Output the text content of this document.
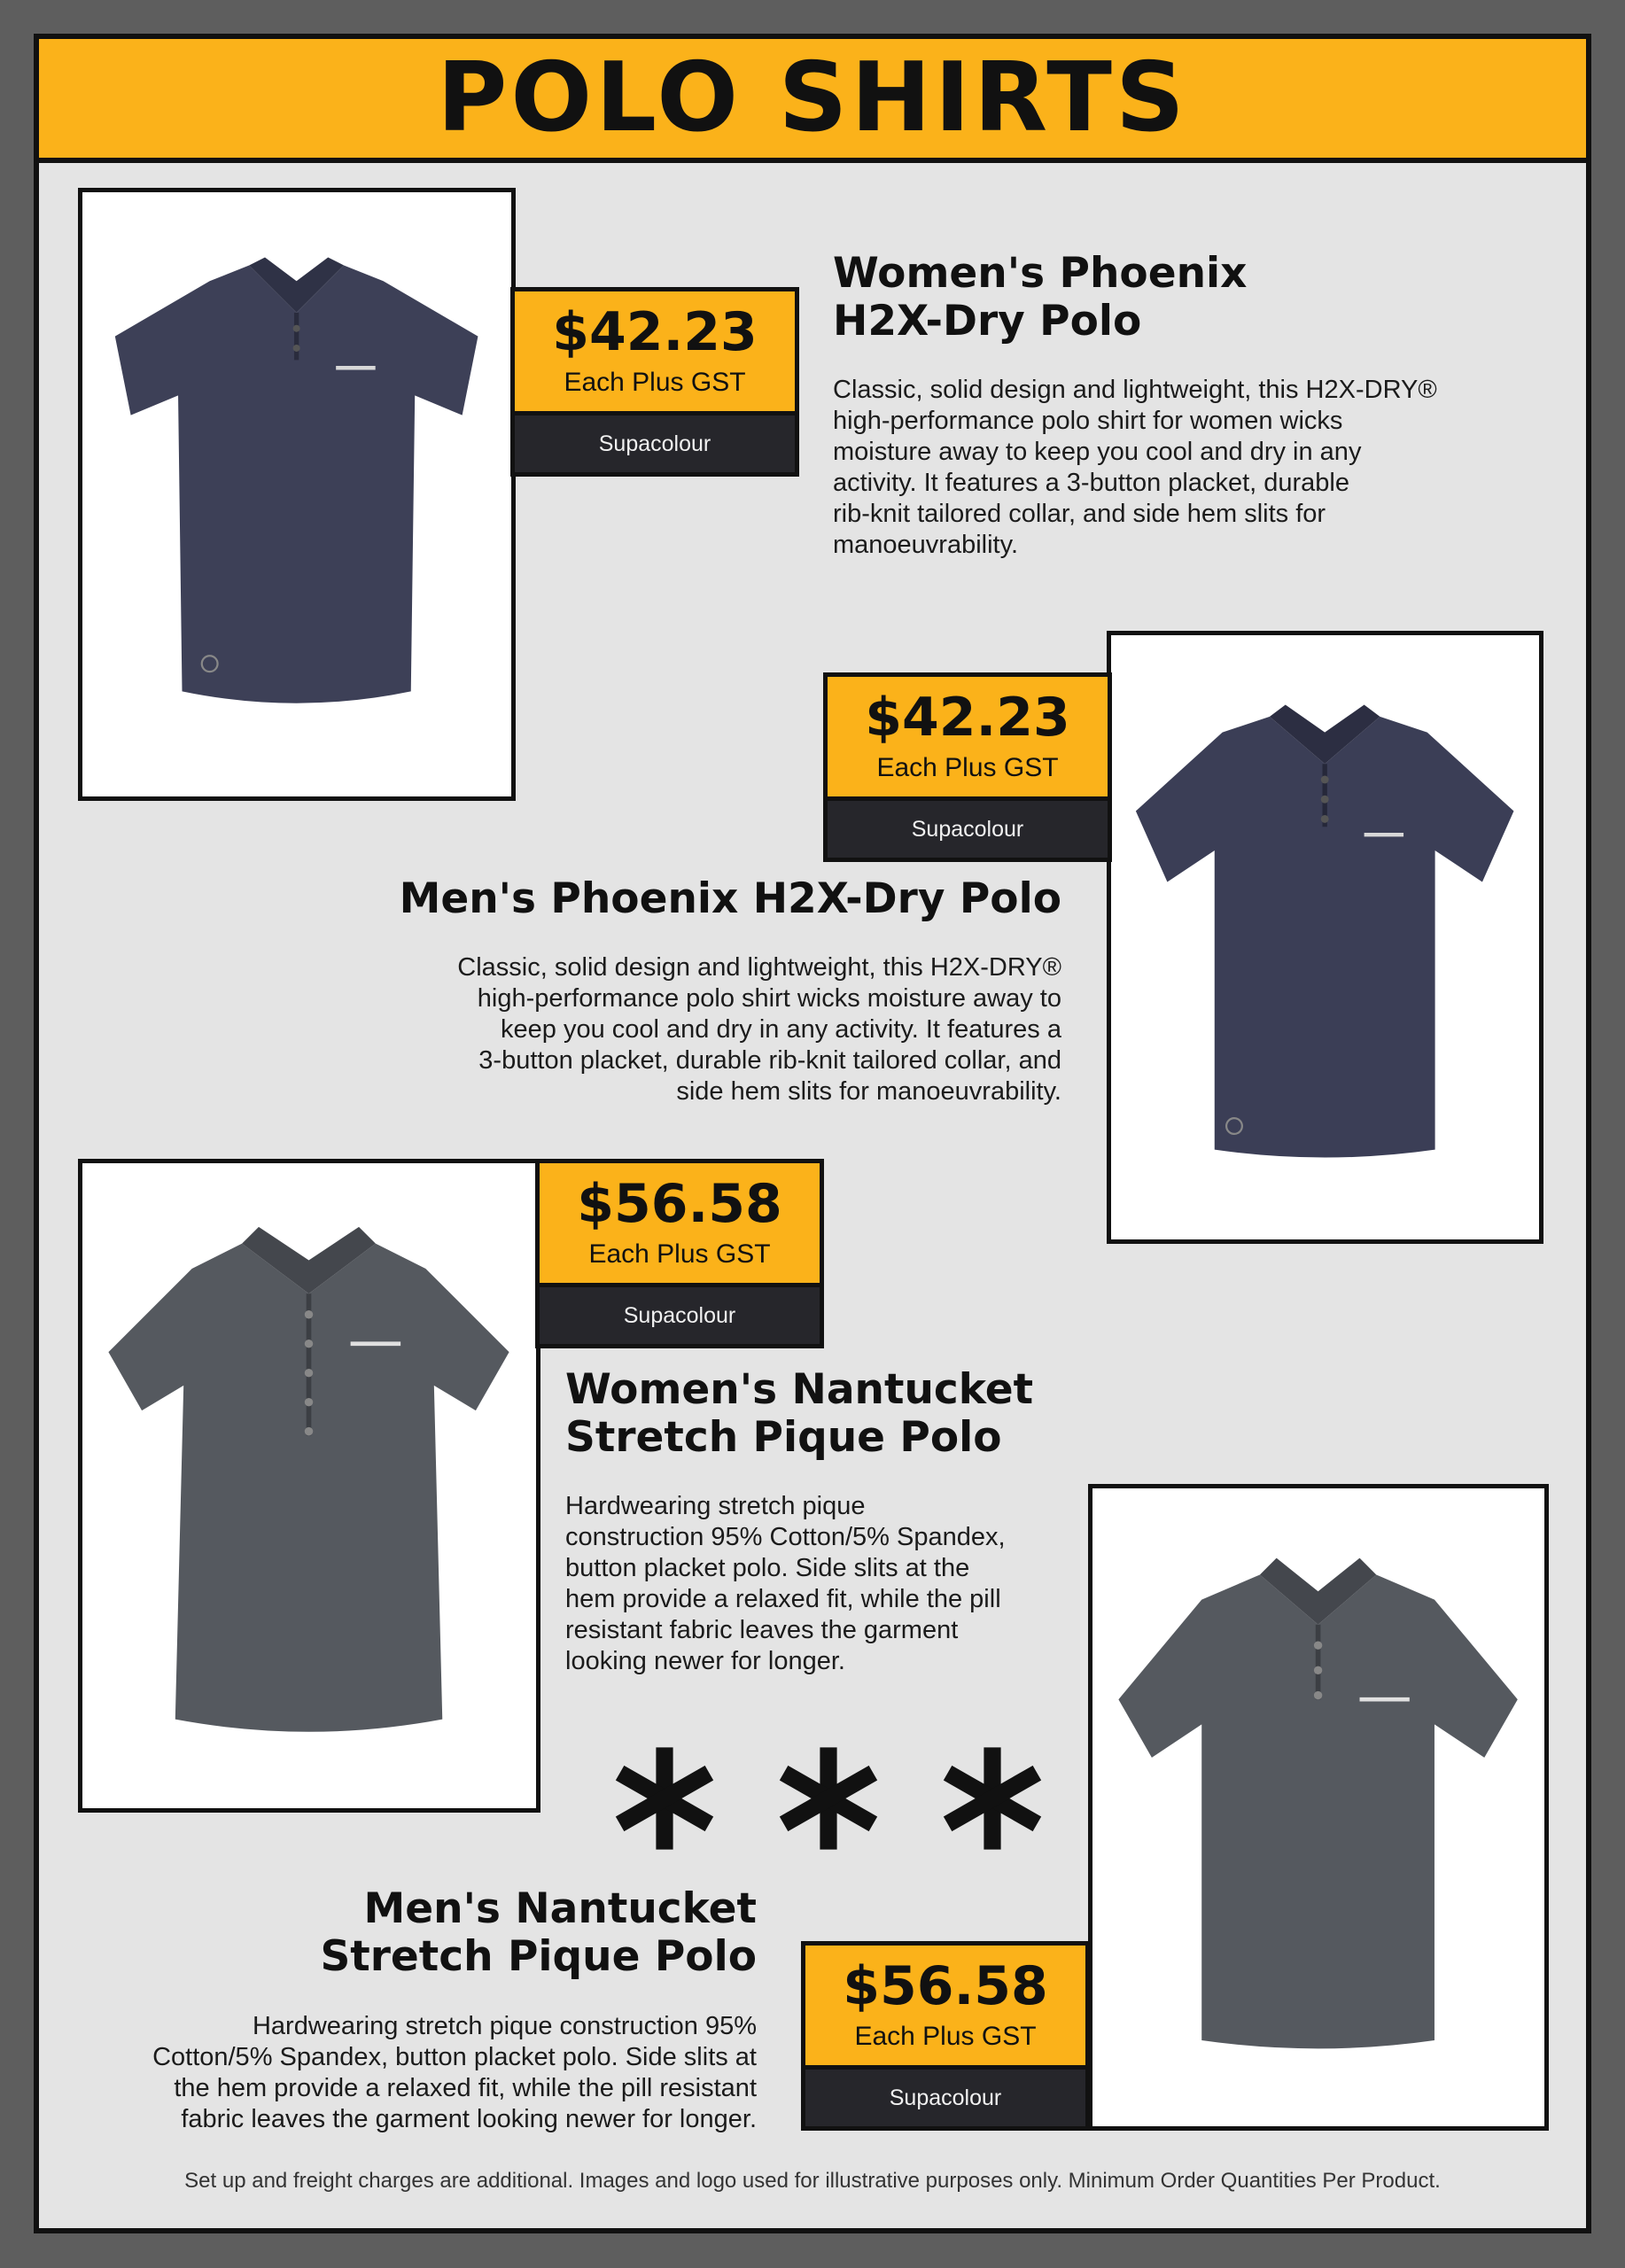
POLO SHIRTS
$42.23
Each Plus GST
Supacolour
Women's Phoenix
H2X-Dry Polo
Classic, solid design and lightweight, this H2X-DRY®
high-performance polo shirt for women wicks
moisture away to keep you cool and dry in any
activity. It features a 3-button placket, durable
rib-knit tailored collar, and side hem slits for
manoeuvrability.
$42.23
Each Plus GST
Supacolour
Men's Phoenix H2X-Dry Polo
Classic, solid design and lightweight, this H2X-DRY®
high-performance polo shirt wicks moisture away to
keep you cool and dry in any activity. It features a
3-button placket, durable rib-knit tailored collar, and
side hem slits for manoeuvrability.
$56.58
Each Plus GST
Supacolour
Women's Nantucket
Stretch Pique Polo
Hardwearing stretch pique
construction 95% Cotton/5% Spandex,
button placket polo. Side slits at the
hem provide a relaxed fit, while the pill
resistant fabric leaves the garment
looking newer for longer.
$56.58
Each Plus GST
Supacolour
Men's Nantucket
Stretch Pique Polo
Hardwearing stretch pique construction 95%
Cotton/5% Spandex, button placket polo. Side slits at
the hem provide a relaxed fit, while the pill resistant
fabric leaves the garment looking newer for longer.
Set up and freight charges are additional. Images and logo used for illustrative purposes only. Minimum Order Quantities Per Product.
